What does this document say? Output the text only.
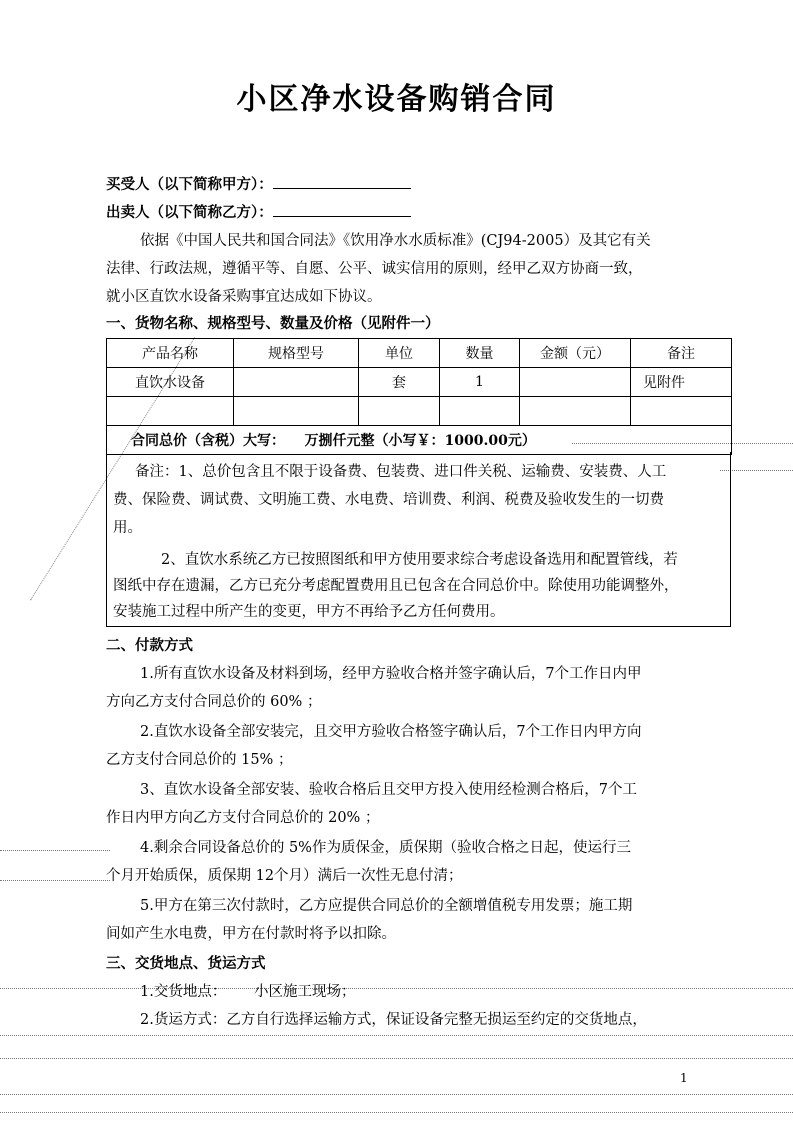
小区净水设备购销合同
买受人（以下简称甲方）：
出卖人（以下简称乙方）：
依据《中国人民共和国合同法》《饮用净水水质标准》(CJ94-2005）及其它有关
法律、行政法规，遵循平等、自愿、公平、诚实信用的原则，经甲乙双方协商一致，
就小区直饮水设备采购事宜达成如下协议。
一、货物名称、规格型号、数量及价格（见附件一）
产品名称	规格型号	单位	数量	金额（元）	备注
直饮水设备		套	1		见附件

合同总价（含税）大写：    万捌仟元整（小写￥：1000.00元）					
备注：1、总价包含且不限于设备费、包装费、进口件关税、运输费、安装费、人工
费、保险费、调试费、文明施工费、水电费、培训费、利润、税费及验收发生的一切费
用。
2、直饮水系统乙方已按照图纸和甲方使用要求综合考虑设备选用和配置管线，若
图纸中存在遗漏，乙方已充分考虑配置费用且已包含在合同总价中。除使用功能调整外，
安装施工过程中所产生的变更，甲方不再给予乙方任何费用。
二、付款方式
1.所有直饮水设备及材料到场，经甲方验收合格并签字确认后，7个工作日内甲
方向乙方支付合同总价的 60% ；
2.直饮水设备全部安装完，且交甲方验收合格签字确认后，7个工作日内甲方向
乙方支付合同总价的 15% ；
3、直饮水设备全部安装、验收合格后且交甲方投入使用经检测合格后，7个工
作日内甲方向乙方支付合同总价的 20% ；
4.剩余合同设备总价的 5%作为质保金，质保期（验收合格之日起，使运行三
个月开始质保，质保期 12个月）满后一次性无息付清；
5.甲方在第三次付款时，乙方应提供合同总价的全额增值税专用发票；施工期
间如产生水电费，甲方在付款时将予以扣除。
三、交货地点、货运方式
1.交货地点：      小区施工现场；
2.货运方式：乙方自行选择运输方式，保证设备完整无损运至约定的交货地点，
1
